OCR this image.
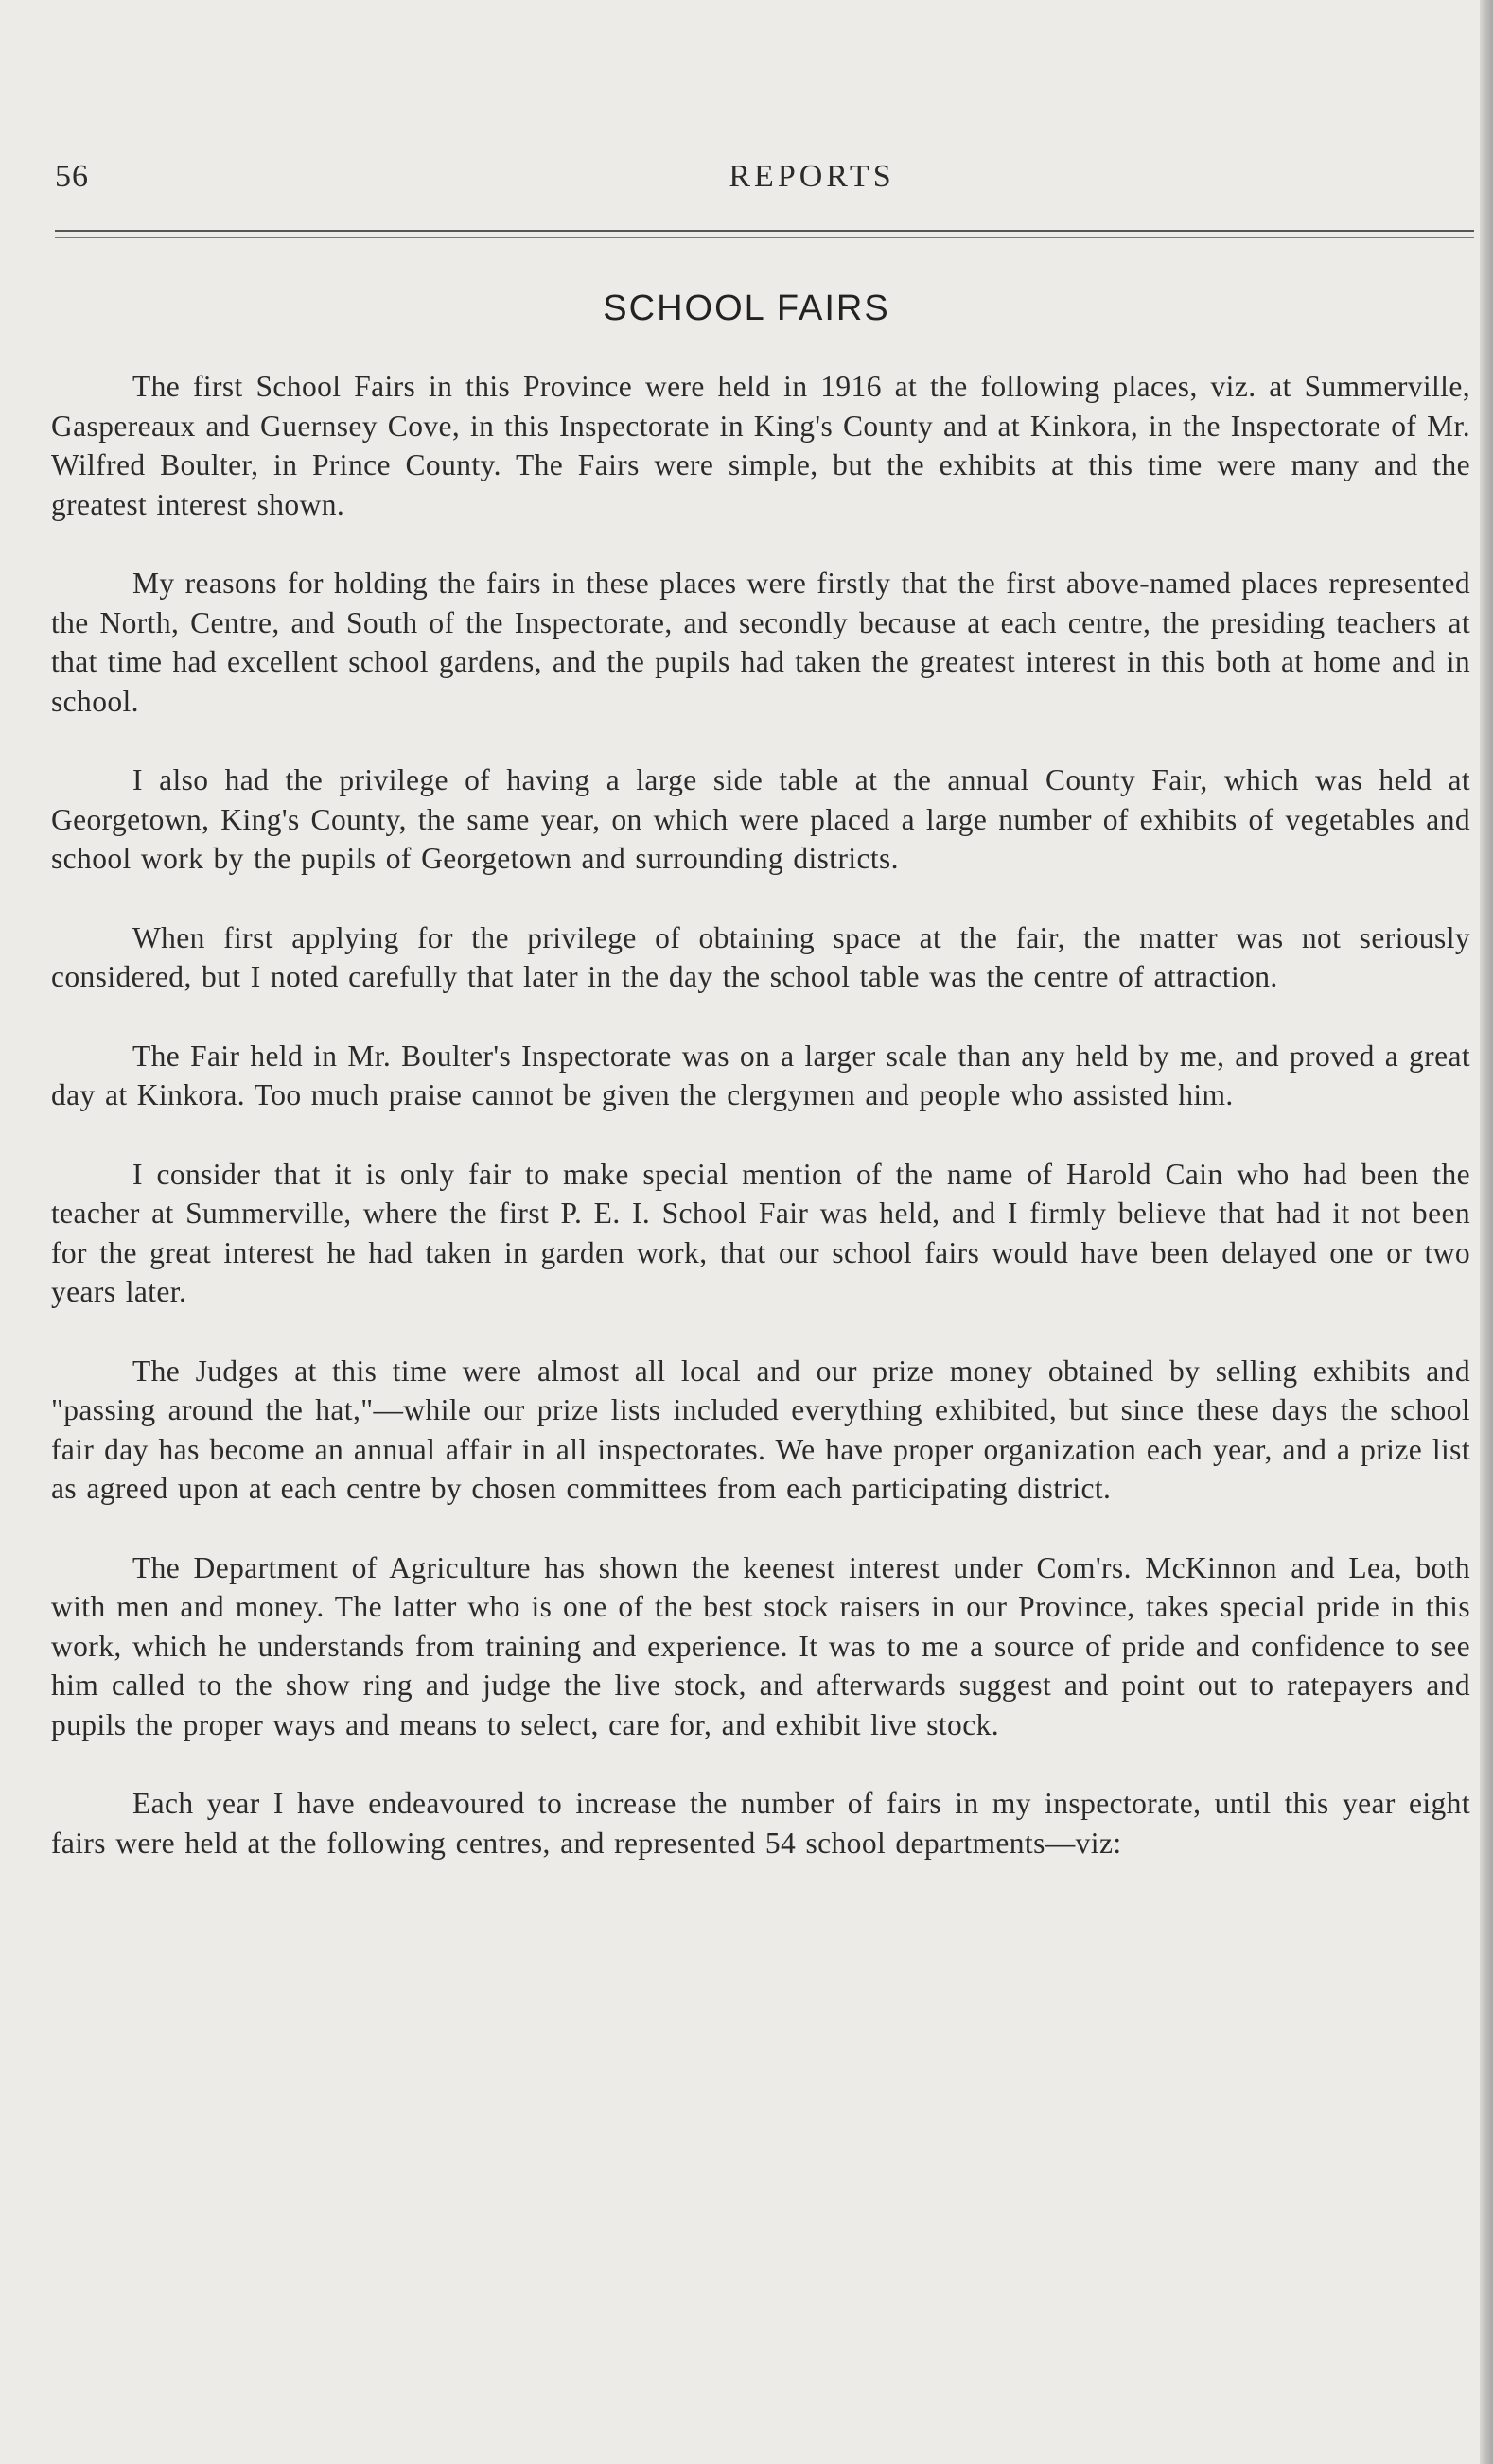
56	REPORTS
SCHOOL FAIRS

The first School Fairs in this Province were held in 1916 at the following places, viz. at Summerville, Gaspereaux and Guernsey Cove, in this Inspectorate in King's County and at Kinkora, in the Inspectorate of Mr. Wilfred Boulter, in Prince County. The Fairs were simple, but the exhibits at this time were many and the greatest interest shown.

My reasons for holding the fairs in these places were firstly that the first above-named places represented the North, Centre, and South of the Inspectorate, and secondly because at each centre, the presiding teachers at that time had excellent school gardens, and the pupils had taken the greatest interest in this both at home and in school.

I also had the privilege of having a large side table at the annual County Fair, which was held at Georgetown, King's County, the same year, on which were placed a large number of exhibits of vegetables and school work by the pupils of Georgetown and surrounding districts.

When first applying for the privilege of obtaining space at the fair, the matter was not seriously considered, but I noted carefully that later in the day the school table was the centre of attraction.

The Fair held in Mr. Boulter's Inspectorate was on a larger scale than any held by me, and proved a great day at Kinkora. Too much praise cannot be given the clergymen and people who assisted him.

I consider that it is only fair to make special mention of the name of Harold Cain who had been the teacher at Summerville, where the first P. E. I. School Fair was held, and I firmly believe that had it not been for the great interest he had taken in garden work, that our school fairs would have been delayed one or two years later.

The Judges at this time were almost all local and our prize money obtained by selling exhibits and "passing around the hat,"—while our prize lists included everything exhibited, but since these days the school fair day has become an annual affair in all inspectorates. We have proper organization each year, and a prize list as agreed upon at each centre by chosen committees from each participating district.

The Department of Agriculture has shown the keenest interest under Com'rs. McKinnon and Lea, both with men and money. The latter who is one of the best stock raisers in our Province, takes special pride in this work, which he understands from training and experience. It was to me a source of pride and confidence to see him called to the show ring and judge the live stock, and afterwards suggest and point out to ratepayers and pupils the proper ways and means to select, care for, and exhibit live stock.

Each year I have endeavoured to increase the number of fairs in my inspectorate, until this year eight fairs were held at the following centres, and represented 54 school departments—viz:
